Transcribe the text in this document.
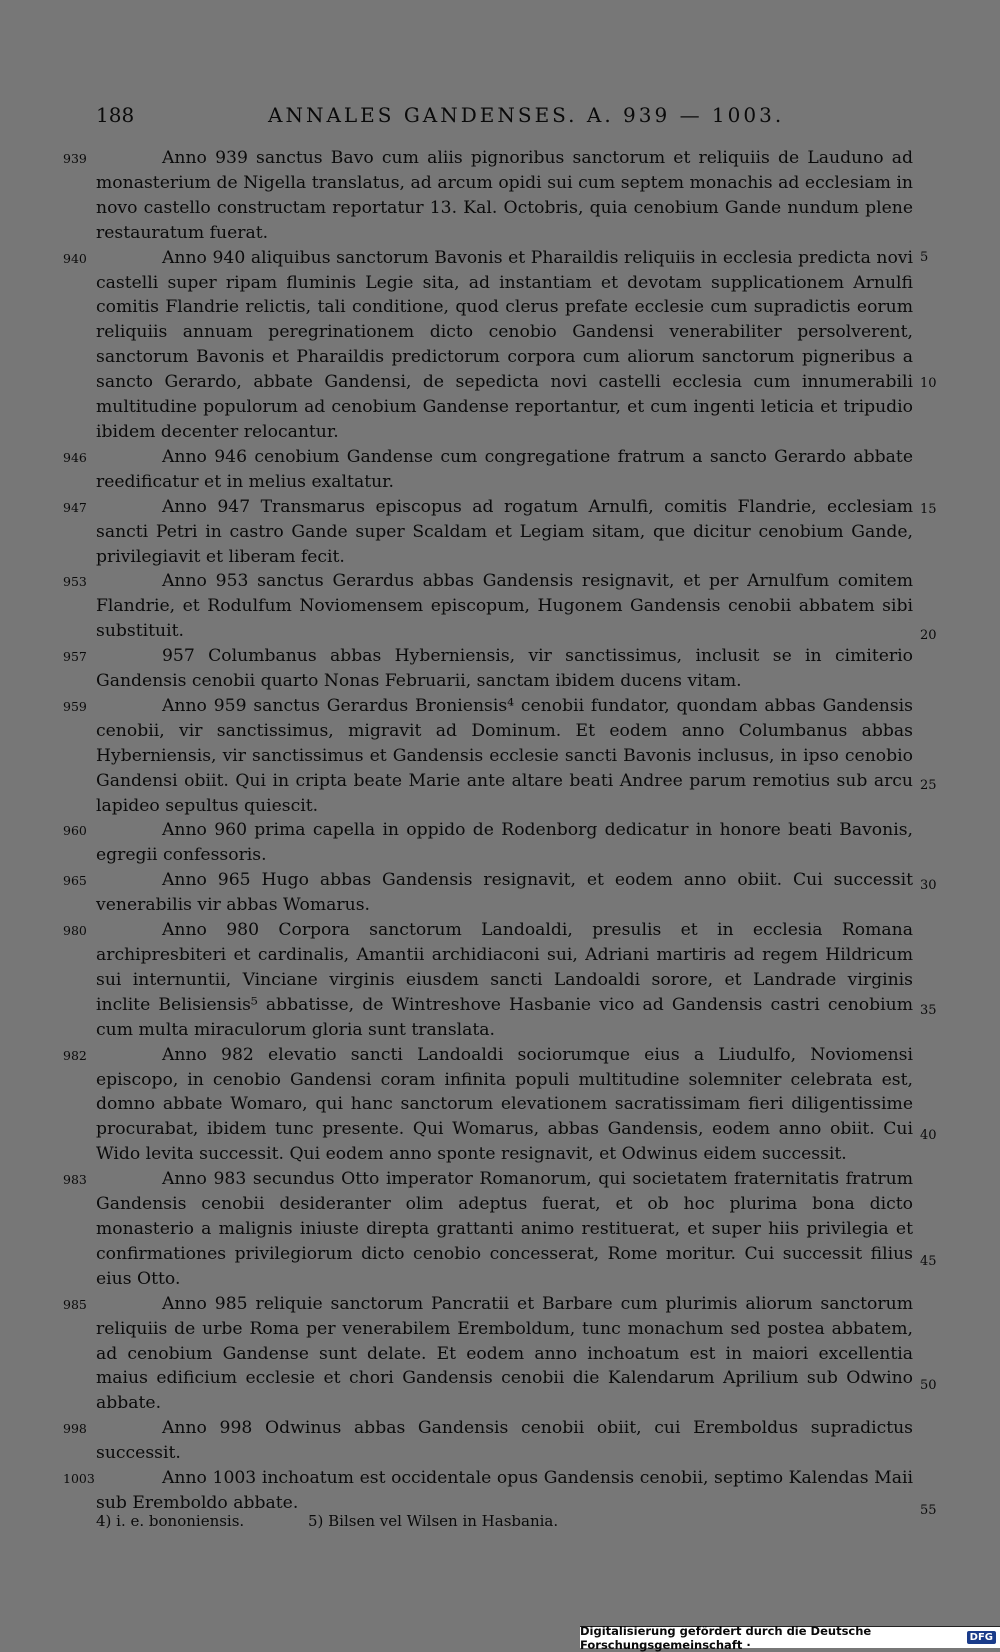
188	ANNALES GANDENSES. A. 939 — 1003.
939	Anno 939 sanctus Bavo cum aliis pignoribus sanctorum et reliquiis de Lauduno ad monasterium de Nigella translatus, ad arcum opidi sui cum septem monachis ad ecclesiam in novo castello constructam reportatur 13. Kal. Octobris, quia cenobium Gande nundum plene restauratum fuerat.

940	Anno 940 aliquibus sanctorum Bavonis et Pharaildis reliquiis in ecclesia predicta novi castelli super ripam fluminis Legie sita, ad instantiam et devotam supplicationem Arnulfi comitis Flandrie relictis, tali conditione, quod clerus prefate ecclesie cum supradictis eorum reliquiis annuam peregrinationem dicto cenobio Gandensi venerabiliter persolverent, sanctorum Bavonis et Pharaildis predictorum corpora cum aliorum sanctorum pigneribus a sancto Gerardo, abbate Gandensi, de sepedicta novi castelli ecclesia cum innumerabili multitudine populorum ad cenobium Gandense reportantur, et cum ingenti leticia et tripudio ibidem decenter relocantur.

946	Anno 946 cenobium Gandense cum congregatione fratrum a sancto Gerardo abbate reedificatur et in melius exaltatur.

947	Anno 947 Transmarus episcopus ad rogatum Arnulfi, comitis Flandrie, ecclesiam sancti Petri in castro Gande super Scaldam et Legiam sitam, que dicitur cenobium Gande, privilegiavit et liberam fecit.

953	Anno 953 sanctus Gerardus abbas Gandensis resignavit, et per Arnulfum comitem Flandrie, et Rodulfum Noviomensem episcopum, Hugonem Gandensis cenobii abbatem sibi substituit.

957	957 Columbanus abbas Hyberniensis, vir sanctissimus, inclusit se in cimiterio Gandensis cenobii quarto Nonas Februarii, sanctam ibidem ducens vitam.

959	Anno 959 sanctus Gerardus Broniensis⁴ cenobii fundator, quondam abbas Gandensis cenobii, vir sanctissimus, migravit ad Dominum. Et eodem anno Columbanus abbas Hyberniensis, vir sanctissimus et Gandensis ecclesie sancti Bavonis inclusus, in ipso cenobio Gandensi obiit. Qui in cripta beate Marie ante altare beati Andree parum remotius sub arcu lapideo sepultus quiescit.

960	Anno 960 prima capella in oppido de Rodenborg dedicatur in honore beati Bavonis, egregii confessoris.

965	Anno 965 Hugo abbas Gandensis resignavit, et eodem anno obiit. Cui successit venerabilis vir abbas Womarus.

980	Anno 980 Corpora sanctorum Landoaldi, presulis et in ecclesia Romana archipresbiteri et cardinalis, Amantii archidiaconi sui, Adriani martiris ad regem Hildricum sui internuntii, Vinciane virginis eiusdem sancti Landoaldi sorore, et Landrade virginis inclite Belisiensis⁵ abbatisse, de Wintreshove Hasbanie vico ad Gandensis castri cenobium cum multa miraculorum gloria sunt translata.

982	Anno 982 elevatio sancti Landoaldi sociorumque eius a Liudulfo, Noviomensi episcopo, in cenobio Gandensi coram infinita populi multitudine solemniter celebrata est, domno abbate Womaro, qui hanc sanctorum elevationem sacratissimam fieri diligentissime procurabat, ibidem tunc presente. Qui Womarus, abbas Gandensis, eodem anno obiit. Cui Wido levita successit. Qui eodem anno sponte resignavit, et Odwinus eidem successit.

983	Anno 983 secundus Otto imperator Romanorum, qui societatem fraternitatis fratrum Gandensis cenobii desideranter olim adeptus fuerat, et ob hoc plurima bona dicto monasterio a malignis iniuste direpta grattanti animo restituerat, et super hiis privilegia et confirmationes privilegiorum dicto cenobio concesserat, Rome moritur. Cui successit filius eius Otto.

985	Anno 985 reliquie sanctorum Pancratii et Barbare cum plurimis aliorum sanctorum reliquiis de urbe Roma per venerabilem Eremboldum, tunc monachum sed postea abbatem, ad cenobium Gandense sunt delate. Et eodem anno inchoatum est in maiori excellentia maius edificium ecclesie et chori Gandensis cenobii die Kalendarum Aprilium sub Odwino abbate.

998	Anno 998 Odwinus abbas Gandensis cenobii obiit, cui Eremboldus supradictus successit.

1003	Anno 1003 inchoatum est occidentale opus Gandensis cenobii, septimo Kalendas Maii sub Eremboldo abbate.

5
10
15
20
25
30
35
40
45
50
55
4) i. e. bononiensis.	5) Bilsen vel Wilsen in Hasbania.
Digitalisierung gefördert durch die Deutsche Forschungsgemeinschaft ·	DFG
